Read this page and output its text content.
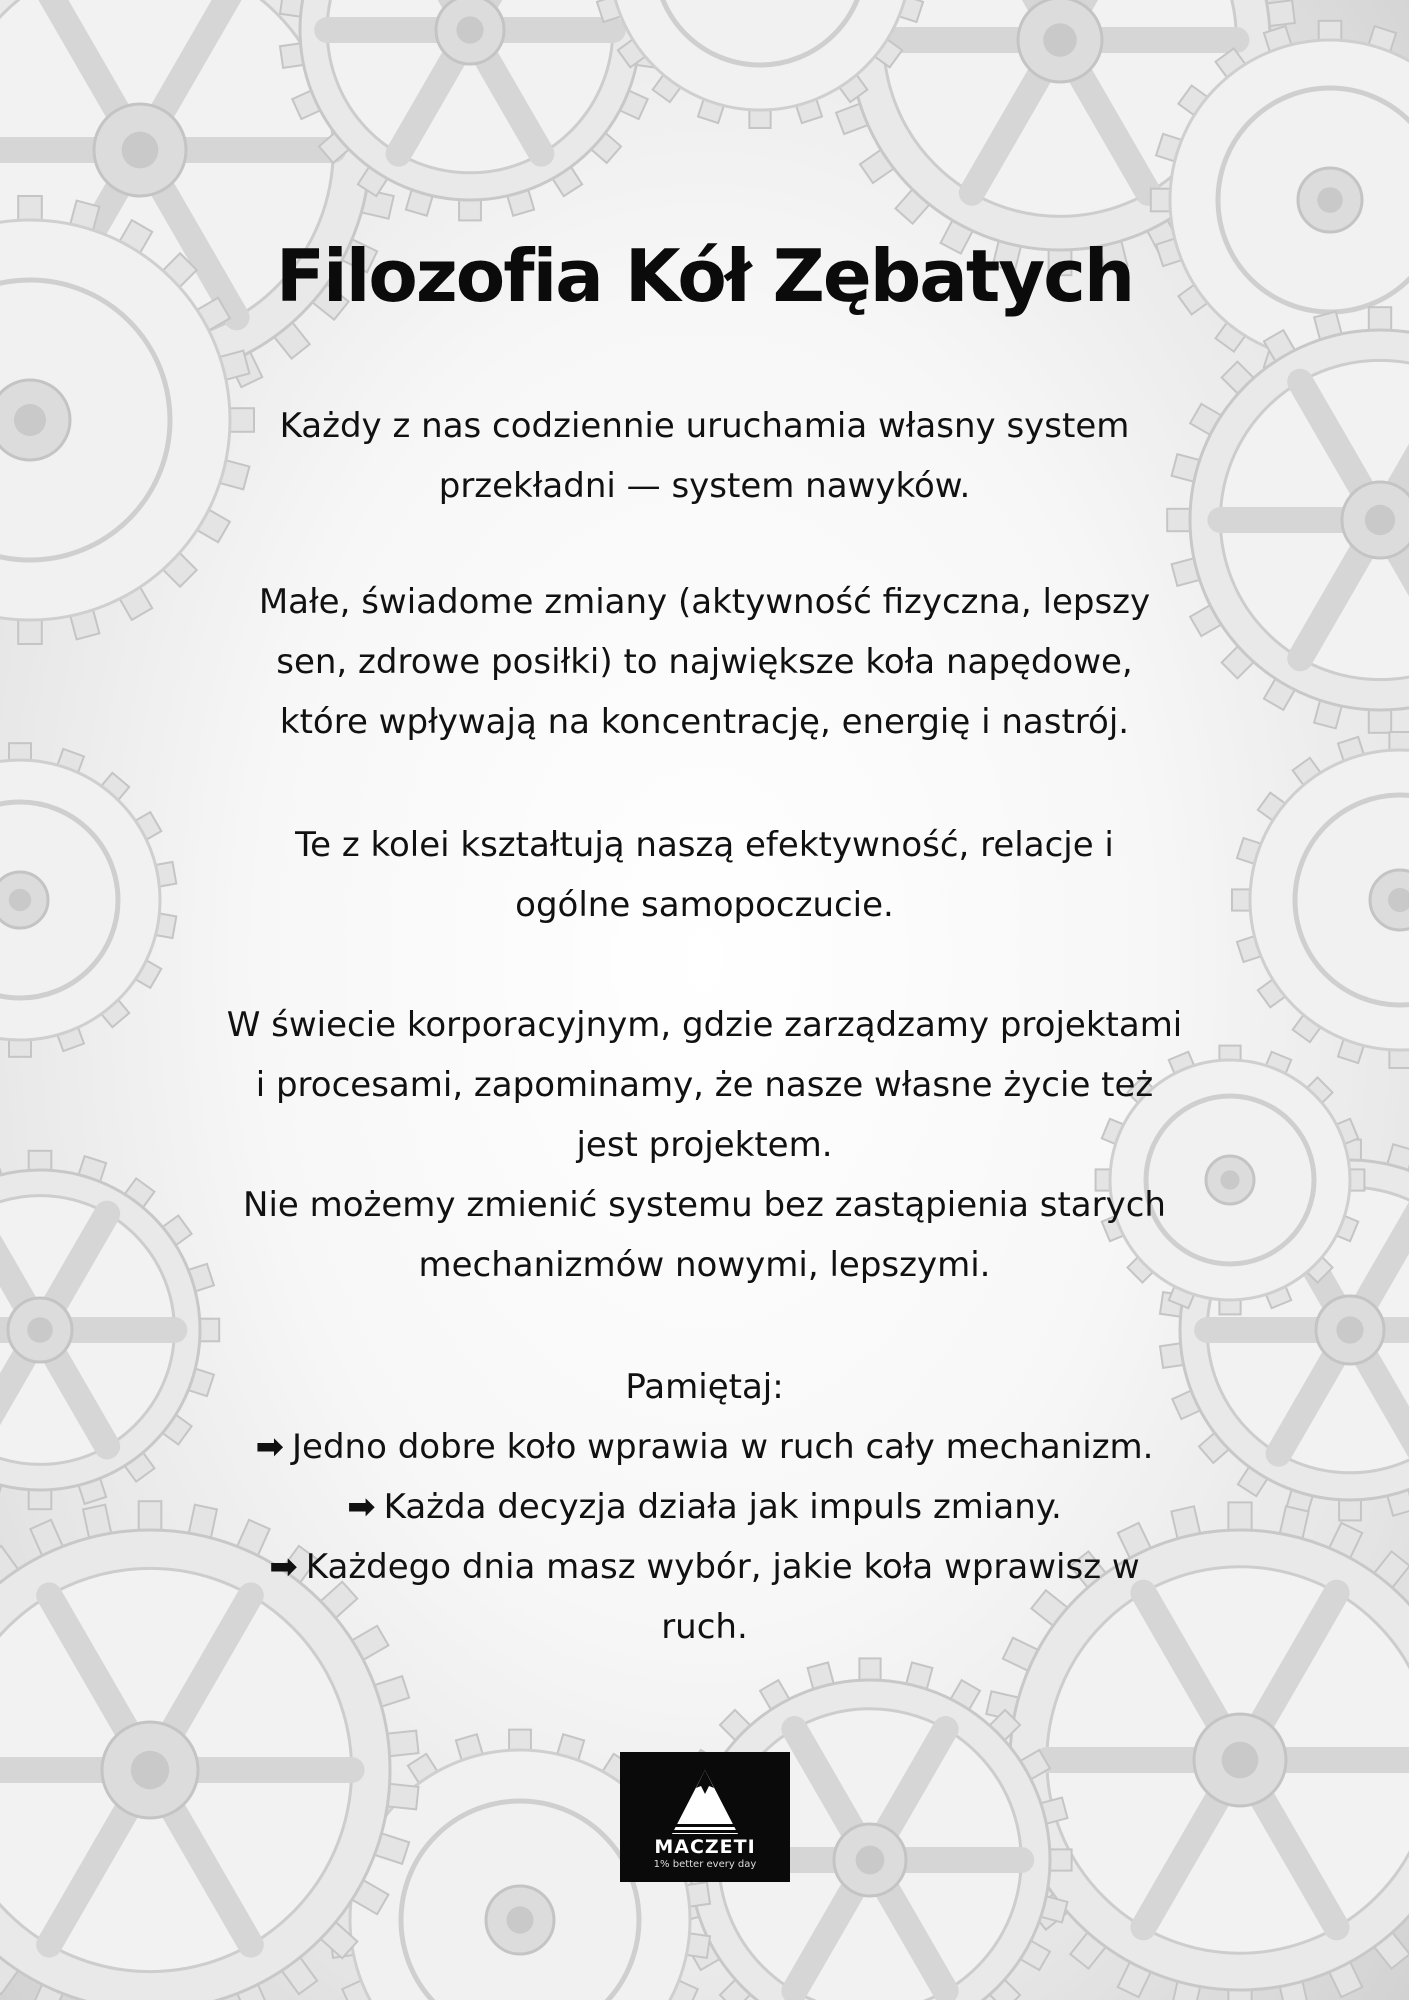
Filozofia Kół Zębatych

Każdy z nas codziennie uruchamia własny system
przekładni — system nawyków.

Małe, świadome zmiany (aktywność fizyczna, lepszy
sen, zdrowe posiłki) to największe koła napędowe,
które wpływają na koncentrację, energię i nastrój.

Te z kolei kształtują naszą efektywność, relacje i
ogólne samopoczucie.

W świecie korporacyjnym, gdzie zarządzamy projektami
i procesami, zapominamy, że nasze własne życie też
jest projektem.
Nie możemy zmienić systemu bez zastąpienia starych
mechanizmów nowymi, lepszymi.

Pamiętaj:
➡ Jedno dobre koło wprawia w ruch cały mechanizm.
➡ Każda decyzja działa jak impuls zmiany.
➡ Każdego dnia masz wybór, jakie koła wprawisz w
ruch.
MACZETI
1% better every day
